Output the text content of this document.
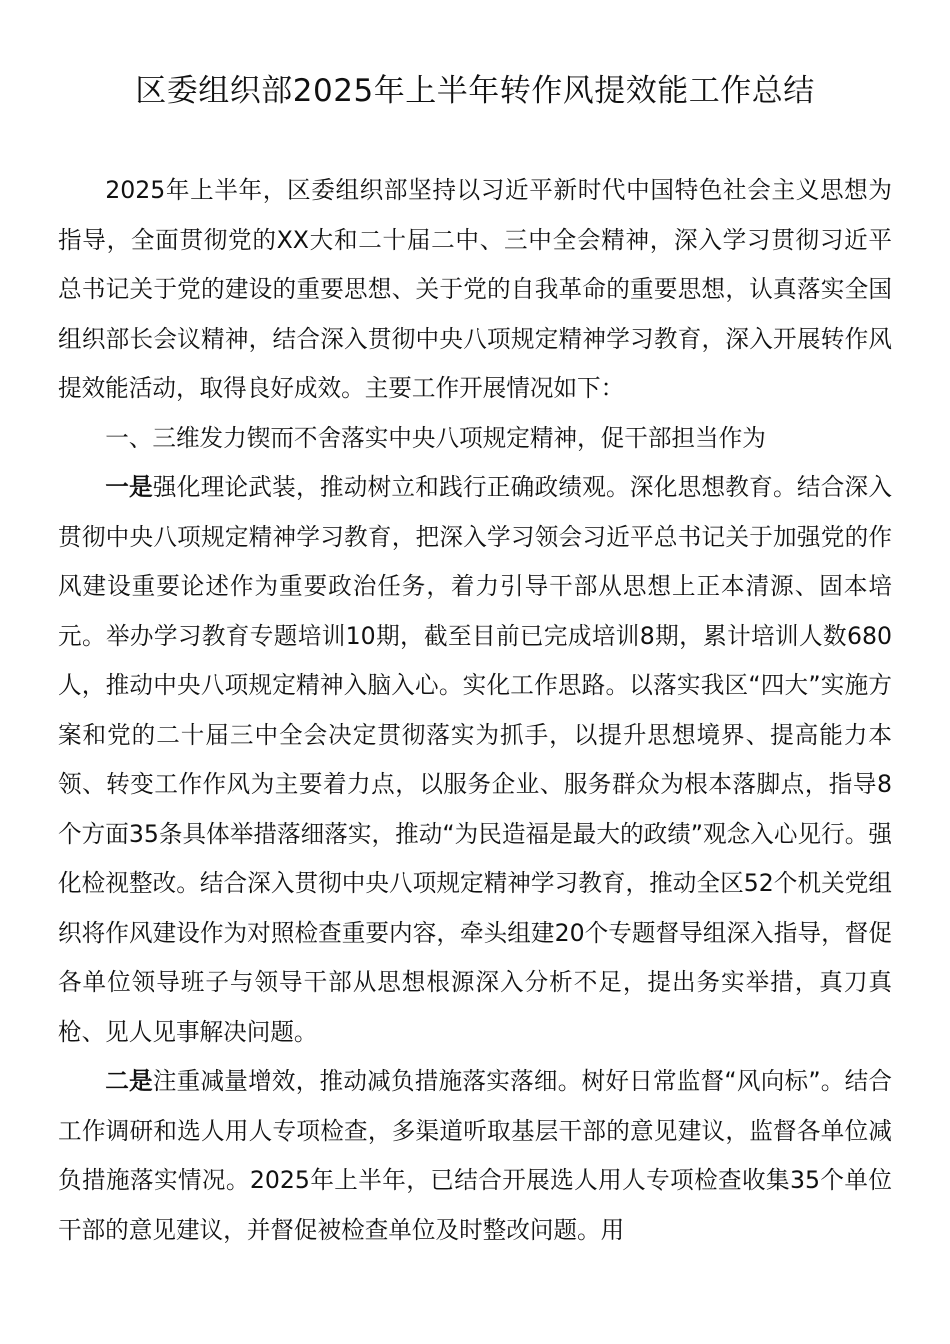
区委组织部2025年上半年转作风提效能工作总结

2025年上半年，区委组织部坚持以习近平新时代中国特色社会主义思想为指导，全面贯彻党的XX大和二十届二中、三中全会精神，深入学习贯彻习近平总书记关于党的建设的重要思想、关于党的自我革命的重要思想，认真落实全国组织部长会议精神，结合深入贯彻中央八项规定精神学习教育，深入开展转作风提效能活动，取得良好成效。主要工作开展情况如下：

一、三维发力锲而不舍落实中央八项规定精神，促干部担当作为

一是强化理论武装，推动树立和践行正确政绩观。深化思想教育。结合深入贯彻中央八项规定精神学习教育，把深入学习领会习近平总书记关于加强党的作风建设重要论述作为重要政治任务，着力引导干部从思想上正本清源、固本培元。举办学习教育专题培训10期，截至目前已完成培训8期，累计培训人数680人，推动中央八项规定精神入脑入心。实化工作思路。以落实我区“四大”实施方案和党的二十届三中全会决定贯彻落实为抓手，以提升思想境界、提高能力本领、转变工作作风为主要着力点，以服务企业、服务群众为根本落脚点，指导8个方面35条具体举措落细落实，推动“为民造福是最大的政绩”观念入心见行。强化检视整改。结合深入贯彻中央八项规定精神学习教育，推动全区52个机关党组织将作风建设作为对照检查重要内容，牵头组建20个专题督导组深入指导，督促各单位领导班子与领导干部从思想根源深入分析不足，提出务实举措，真刀真枪、见人见事解决问题。

二是注重减量增效，推动减负措施落实落细。树好日常监督“风向标”。结合工作调研和选人用人专项检查，多渠道听取基层干部的意见建议，监督各单位减负措施落实情况。2025年上半年，已结合开展选人用人专项检查收集35个单位干部的意见建议，并督促被检查单位及时整改问题。用
